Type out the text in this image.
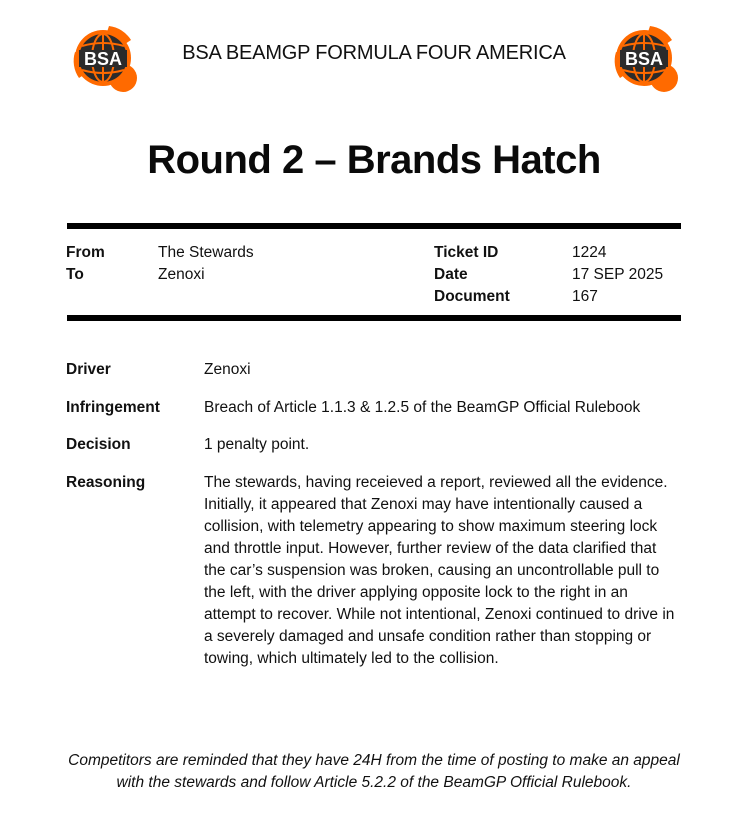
BSA	BSA BEAMGP FORMULA FOUR AMERICA	BSA
Round 2 – Brands Hatch
From	The Stewards
To	Zenoxi
Ticket ID	1224
Date	17 SEP 2025
Document	167
Driver	Zenoxi
Infringement	Breach of Article 1.1.3 & 1.2.5 of the BeamGP Official Rulebook
Decision	1 penalty point.
Reasoning	The stewards, having receieved a report, reviewed all the evidence. Initially, it appeared that Zenoxi may have intentionally caused a collision, with telemetry appearing to show maximum steering lock and throttle input. However, further review of the data clarified that the car’s suspension was broken, causing an uncontrollable pull to the left, with the driver applying opposite lock to the right in an attempt to recover. While not intentional, Zenoxi continued to drive in a severely damaged and unsafe condition rather than stopping or towing, which ultimately led to the collision.

Competitors are reminded that they have 24H from the time of posting to make an appeal with the stewards and follow Article 5.2.2 of the BeamGP Official Rulebook.
